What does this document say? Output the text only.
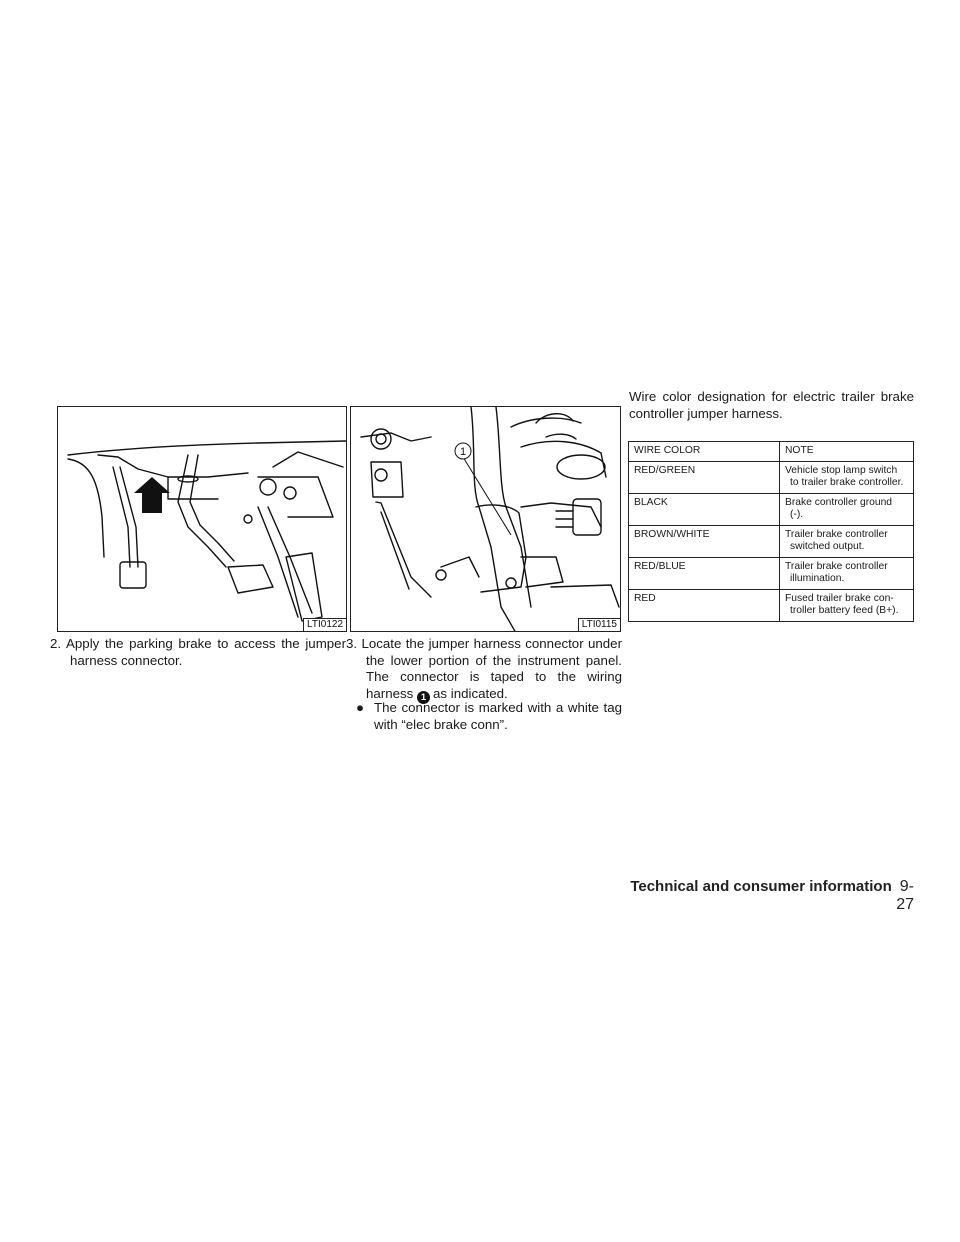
LTI0122
1
LTI0115
2. Apply the parking brake to access the jumper harness connector.
3. Locate the jumper harness connector under the lower portion of the instrument panel. The connector is taped to the wiring harness 1 as indicated.
● The connector is marked with a white tag with “elec brake conn”.
Wire color designation for electric trailer brake controller jumper harness.
WIRE COLOR	NOTE
RED/GREEN	Vehicle stop lamp switch to trailer brake controller.

BLACK	Brake controller ground (-).

BROWN/WHITE	Trailer brake controller switched output.

RED/BLUE	Trailer brake controller illumination.

RED	Fused trailer brake con-troller battery feed (B+).
Technical and consumer information 9-27
